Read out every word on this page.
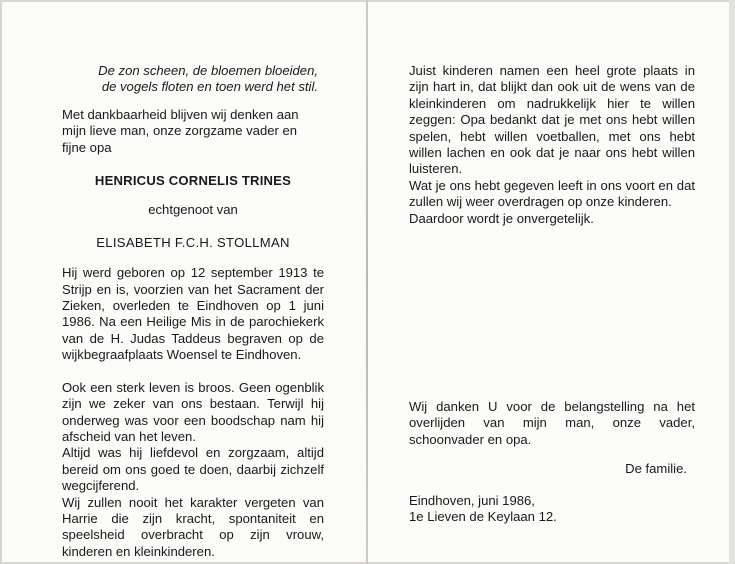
De zon scheen, de bloemen bloeiden,

de vogels floten en toen werd het stil.

Met dankbaarheid blijven wij denken aan mijn lieve man, onze zorgzame vader en fijne opa

HENRICUS CORNELIS TRINES

echtgenoot van

ELISABETH F.C.H. STOLLMAN

Hij werd geboren op 12 september 1913 te Strijp en is, voorzien van het Sacrament der Zieken, overleden te Eindhoven op 1 juni 1986. Na een Heilige Mis in de parochiekerk van de H. Judas Taddeus begraven op de wijkbegraafplaats Woensel te Eindhoven.

Ook een sterk leven is broos. Geen ogenblik zijn we zeker van ons bestaan. Terwijl hij onderweg was voor een boodschap nam hij afscheid van het leven.

Altijd was hij liefdevol en zorgzaam, altijd bereid om ons goed te doen, daarbij zichzelf wegcijferend.

Wij zullen nooit het karakter vergeten van Harrie die zijn kracht, spontaniteit en speelsheid overbracht op zijn vrouw, kinderen en kleinkinderen.

Juist kinderen namen een heel grote plaats in zijn hart in, dat blijkt dan ook uit de wens van de kleinkinderen om nadrukkelijk hier te willen zeggen: Opa bedankt dat je met ons hebt willen spelen, hebt willen voetballen, met ons hebt willen lachen en ook dat je naar ons hebt willen luisteren.

Wat je ons hebt gegeven leeft in ons voort en dat zullen wij weer overdragen op onze kinderen.

Daardoor wordt je onvergetelijk.

Wij danken U voor de belangstelling na het overlijden van mijn man, onze vader, schoonvader en opa.

De familie.

Eindhoven, juni 1986,

1e Lieven de Keylaan 12.
